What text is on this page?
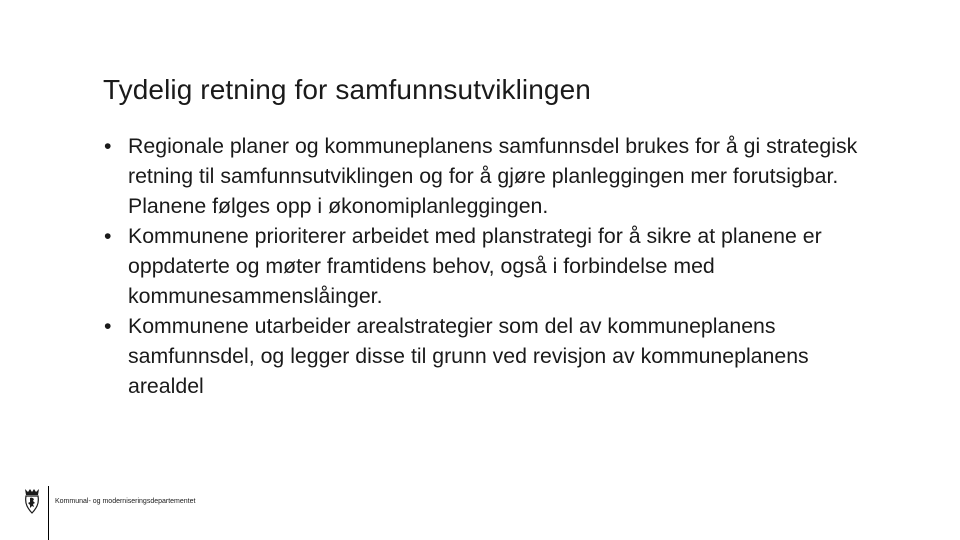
Tydelig retning for samfunnsutviklingen
• Regionale planer og kommuneplanens samfunnsdel brukes for å gi strategisk retning til samfunnsutviklingen og for å gjøre planleggingen mer forutsigbar. Planene følges opp i økonomiplanleggingen.
• Kommunene prioriterer arbeidet med planstrategi for å sikre at planene er oppdaterte og møter framtidens behov, også i forbindelse med kommunesammenslåinger.
• Kommunene utarbeider arealstrategier som del av kommuneplanens samfunnsdel, og legger disse til grunn ved revisjon av kommuneplanens arealdel
Kommunal- og moderniseringsdepartementet
